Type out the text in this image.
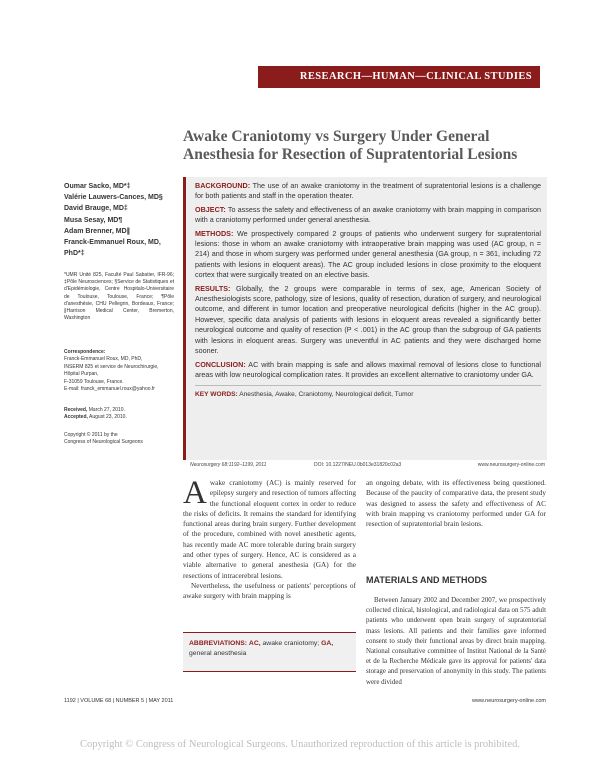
RESEARCH—HUMAN—CLINICAL STUDIES
Awake Craniotomy vs Surgery Under General Anesthesia for Resection of Supratentorial Lesions
Oumar Sacko, MD*‡
Valérie Lauwers-Cances, MD§
David Brauge, MD‡
Musa Sesay, MD¶
Adam Brenner, MD∥
Franck-Emmanuel Roux, MD, PhD*‡
*UMR Unité 825, Faculté Paul Sabatier, IFR-96; ‡Pôle Neurosciences; §Service de Statistiques et d'Epidémiologie, Centre Hospitalo-Universitaire de Toulouse, Toulouse, France; ¶Pôle d'anesthésie, CHU Pellegrin, Bordeaux, France; ∥Harrison Medical Center, Bremerton, Washington
Correspondence:
Franck-Emmanuel Roux, MD, PhD,
INSERM 825 et service de Neurochirurgie,
Hôpital Purpan,
F-31059 Toulouse, France.
E-mail: franck_emmanuel.roux@yahoo.fr
Received, March 27, 2010.
Accepted, August 23, 2010.
Copyright © 2011 by the
Congress of Neurological Surgeons

BACKGROUND: The use of an awake craniotomy in the treatment of supratentorial lesions is a challenge for both patients and staff in the operation theater.

OBJECT: To assess the safety and effectiveness of an awake craniotomy with brain mapping in comparison with a craniotomy performed under general anesthesia.

METHODS: We prospectively compared 2 groups of patients who underwent surgery for supratentorial lesions: those in whom an awake craniotomy with intraoperative brain mapping was used (AC group, n = 214) and those in whom surgery was performed under general anesthesia (GA group, n = 361, including 72 patients with lesions in eloquent areas). The AC group included lesions in close proximity to the eloquent cortex that were surgically treated on an elective basis.

RESULTS: Globally, the 2 groups were comparable in terms of sex, age, American Society of Anesthesiologists score, pathology, size of lesions, quality of resection, duration of surgery, and neurological outcome, and different in tumor location and preoperative neurological deficits (higher in the AC group). However, specific data analysis of patients with lesions in eloquent areas revealed a significantly better neurological outcome and quality of resection (P < .001) in the AC group than the subgroup of GA patients with lesions in eloquent areas. Surgery was uneventful in AC patients and they were discharged home sooner.

CONCLUSION: AC with brain mapping is safe and allows maximal removal of lesions close to functional areas with low neurological complication rates. It provides an excellent alternative to craniotomy under GA.

KEY WORDS: Anesthesia, Awake, Craniotomy, Neurological deficit, Tumor

Neurosurgery 68:1192–1199, 2011	DOI: 10.1227/NEU.0b013e31820c02a3	www.neurosurgery-online.com

Awake craniotomy (AC) is mainly reserved for epilepsy surgery and resection of tumors affecting the functional eloquent cortex in order to reduce the risks of deficits. It remains the standard for identifying functional areas during brain surgery. Further development of the procedure, combined with novel anesthetic agents, has recently made AC more tolerable during brain surgery and other types of surgery. Hence, AC is considered as a viable alternative to general anesthesia (GA) for the resections of intracerebral lesions.

Nevertheless, the usefulness or patients' perceptions of awake surgery with brain mapping is

ABBREVIATIONS: AC, awake craniotomy; GA, general anesthesia

an ongoing debate, with its effectiveness being questioned. Because of the paucity of comparative data, the present study was designed to assess the safety and effectiveness of AC with brain mapping vs craniotomy performed under GA for resection of supratentorial brain lesions.

MATERIALS AND METHODS

Between January 2002 and December 2007, we prospectively collected clinical, histological, and radiological data on 575 adult patients who underwent open brain surgery of supratentorial mass lesions. All patients and their families gave informed consent to study their functional areas by direct brain mapping. National consultative committee of Institut National de la Santé et de la Recherche Médicale gave its approval for patients' data storage and preservation of anonymity in this study. The patients were divided

1192 | VOLUME 68 | NUMBER 5 | MAY 2011	www.neurosurgery-online.com
Copyright © Congress of Neurological Surgeons. Unauthorized reproduction of this article is prohibited.
